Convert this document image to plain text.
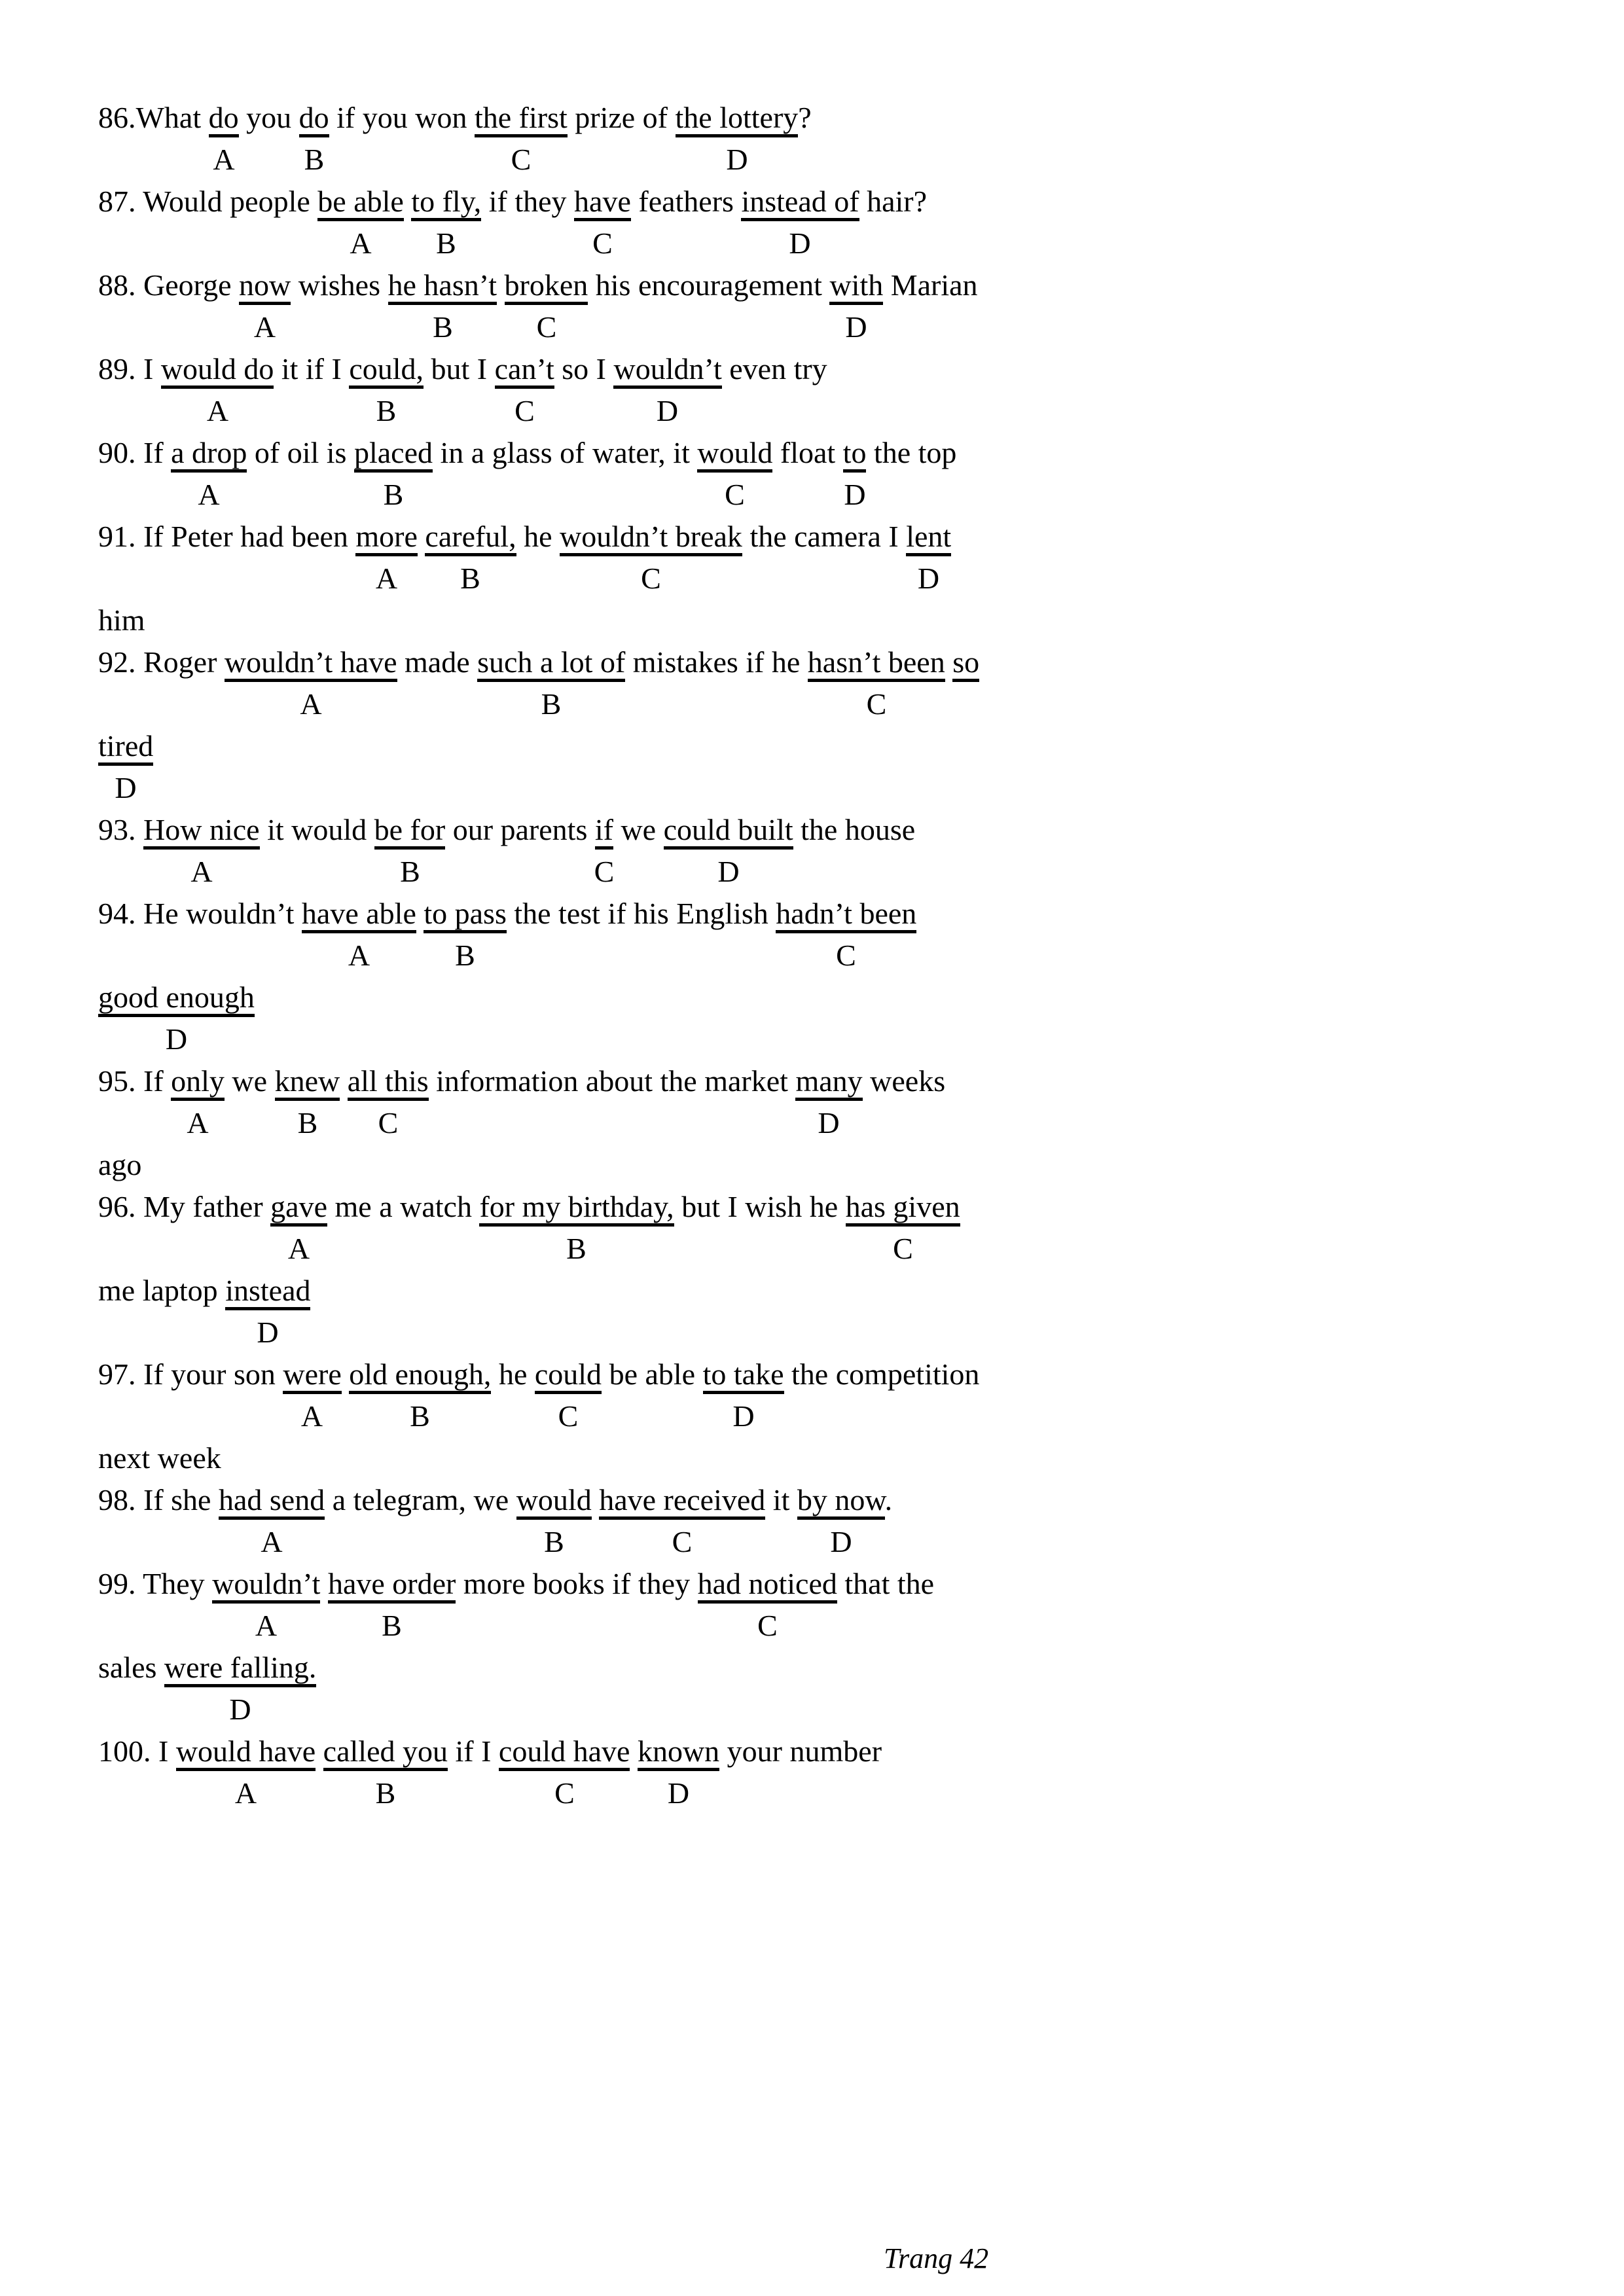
86.What do you do if you won the first prize of the lottery?
A B	C	D
87. Would people be able to fly, if they have feathers instead of hair?
A B	C	D
88. George now wishes he hasn’t broken his encouragement with Marian
A	B	C	D
89. I would do it if I could, but I can’t so I wouldn’t even try
A	B	C	D
90. If a drop of oil is placed in a glass of water, it would float to the top
A	B	C	D
91. If Peter had been more careful, he wouldn’t break the camera I lent
A B	C	D
him
92. Roger wouldn’t have made such a lot of mistakes if he hasn’t been so
A	B	C
tired
D
93. How nice it would be for our parents if we could built the house
A	B	C	D
94. He wouldn’t have able to pass the test if his English hadn’t been
A	B	C
good enough
D
95. If only we knew all this information about the market many weeks
A	B C	D
ago
96. My father gave me a watch for my birthday, but I wish he has given
A	B	C
me laptop instead
D
97. If your son were old enough, he could be able to take the competition
A	B	C	D
next week
98. If she had send a telegram, we would have received it by now.
A	B	C	D
99. They wouldn’t have order more books if they had noticed that the
A	B	C
sales were falling.
D
100. I would have called you if I could have known your number
A	B	C	D
Trang 42
